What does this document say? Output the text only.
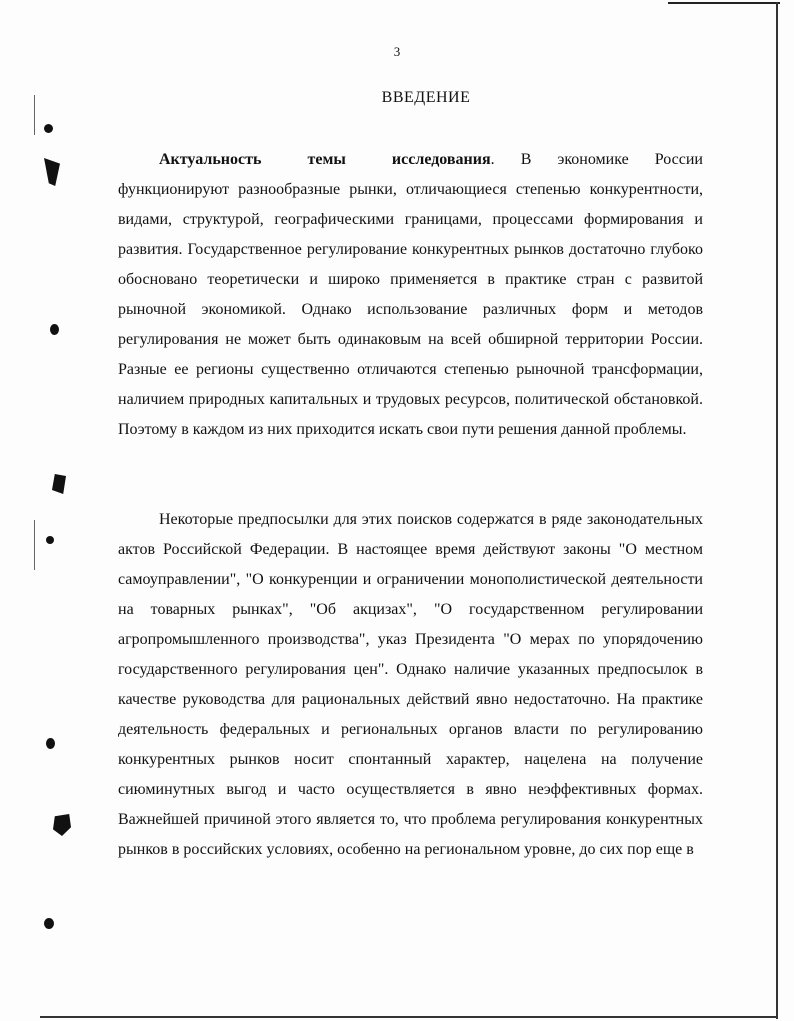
3
ВВЕДЕНИЕ

Актуальность темы исследования. В экономике России функционируют разнообразные рынки, отличающиеся степенью конкурентности, видами, структурой, географическими границами, процессами формирования и развития. Государственное регулирование конкурентных рынков достаточно глубоко обосновано теоретически и широко применяется в практике стран с развитой рыночной экономикой. Однако использование различных форм и методов регулирования не может быть одинаковым на всей обширной территории России. Разные ее регионы существенно отличаются степенью рыночной трансформации, наличием природных капитальных и трудовых ресурсов, политической обстановкой. Поэтому в каждом из них приходится искать свои пути решения данной проблемы.

Некоторые предпосылки для этих поисков содержатся в ряде законодательных актов Российской Федерации. В настоящее время действуют законы "О местном самоуправлении", "О конкуренции и ограничении монополистической деятельности на товарных рынках", "Об акцизах", "О государственном регулировании агропромышленного производства", указ Президента "О мерах по упорядочению государственного регулирования цен". Однако наличие указанных предпосылок в качестве руководства для рациональных действий явно недостаточно. На практике деятельность федеральных и региональных органов власти по регулированию конкурентных рынков носит спонтанный характер, нацелена на получение сиюминутных выгод и часто осуществляется в явно неэффективных формах. Важнейшей причиной этого является то, что проблема регулирования конкурентных рынков в российских условиях, особенно на региональном уровне, до сих пор еще в
